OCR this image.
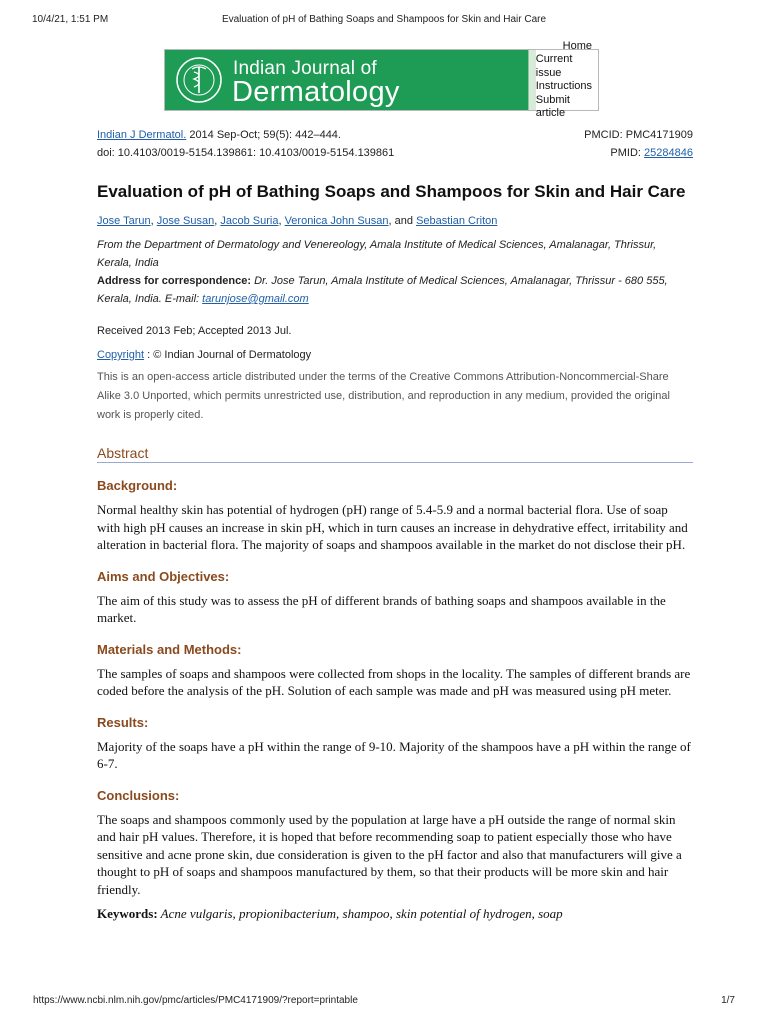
10/4/21, 1:51 PM	Evaluation of pH of Bathing Soaps and Shampoos for Skin and Hair Care
Indian Journal of
Dermatology
Home
Current issue
Instructions
Submit article
Indian J Dermatol. 2014 Sep-Oct; 59(5): 442–444.	PMCID: PMC4171909
doi: 10.4103/0019-5154.139861: 10.4103/0019-5154.139861	PMID: 25284846
Evaluation of pH of Bathing Soaps and Shampoos for Skin and Hair Care
Jose Tarun, Jose Susan, Jacob Suria, Veronica John Susan, and Sebastian Criton
From the Department of Dermatology and Venereology, Amala Institute of Medical Sciences, Amalanagar, Thrissur, Kerala, India
Address for correspondence: Dr. Jose Tarun, Amala Institute of Medical Sciences, Amalanagar, Thrissur - 680 555, Kerala, India. E-mail: tarunjose@gmail.com
Received 2013 Feb; Accepted 2013 Jul.
Copyright : © Indian Journal of Dermatology
This is an open-access article distributed under the terms of the Creative Commons Attribution-Noncommercial-Share Alike 3.0 Unported, which permits unrestricted use, distribution, and reproduction in any medium, provided the original work is properly cited.
Abstract
Background:
Normal healthy skin has potential of hydrogen (pH) range of 5.4-5.9 and a normal bacterial flora. Use of soap with high pH causes an increase in skin pH, which in turn causes an increase in dehydrative effect, irritability and alteration in bacterial flora. The majority of soaps and shampoos available in the market do not disclose their pH.
Aims and Objectives:
The aim of this study was to assess the pH of different brands of bathing soaps and shampoos available in the market.
Materials and Methods:
The samples of soaps and shampoos were collected from shops in the locality. The samples of different brands are coded before the analysis of the pH. Solution of each sample was made and pH was measured using pH meter.
Results:
Majority of the soaps have a pH within the range of 9-10. Majority of the shampoos have a pH within the range of 6-7.
Conclusions:
The soaps and shampoos commonly used by the population at large have a pH outside the range of normal skin and hair pH values. Therefore, it is hoped that before recommending soap to patient especially those who have sensitive and acne prone skin, due consideration is given to the pH factor and also that manufacturers will give a thought to pH of soaps and shampoos manufactured by them, so that their products will be more skin and hair friendly.
Keywords: Acne vulgaris, propionibacterium, shampoo, skin potential of hydrogen, soap
https://www.ncbi.nlm.nih.gov/pmc/articles/PMC4171909/?report=printable	1/7
